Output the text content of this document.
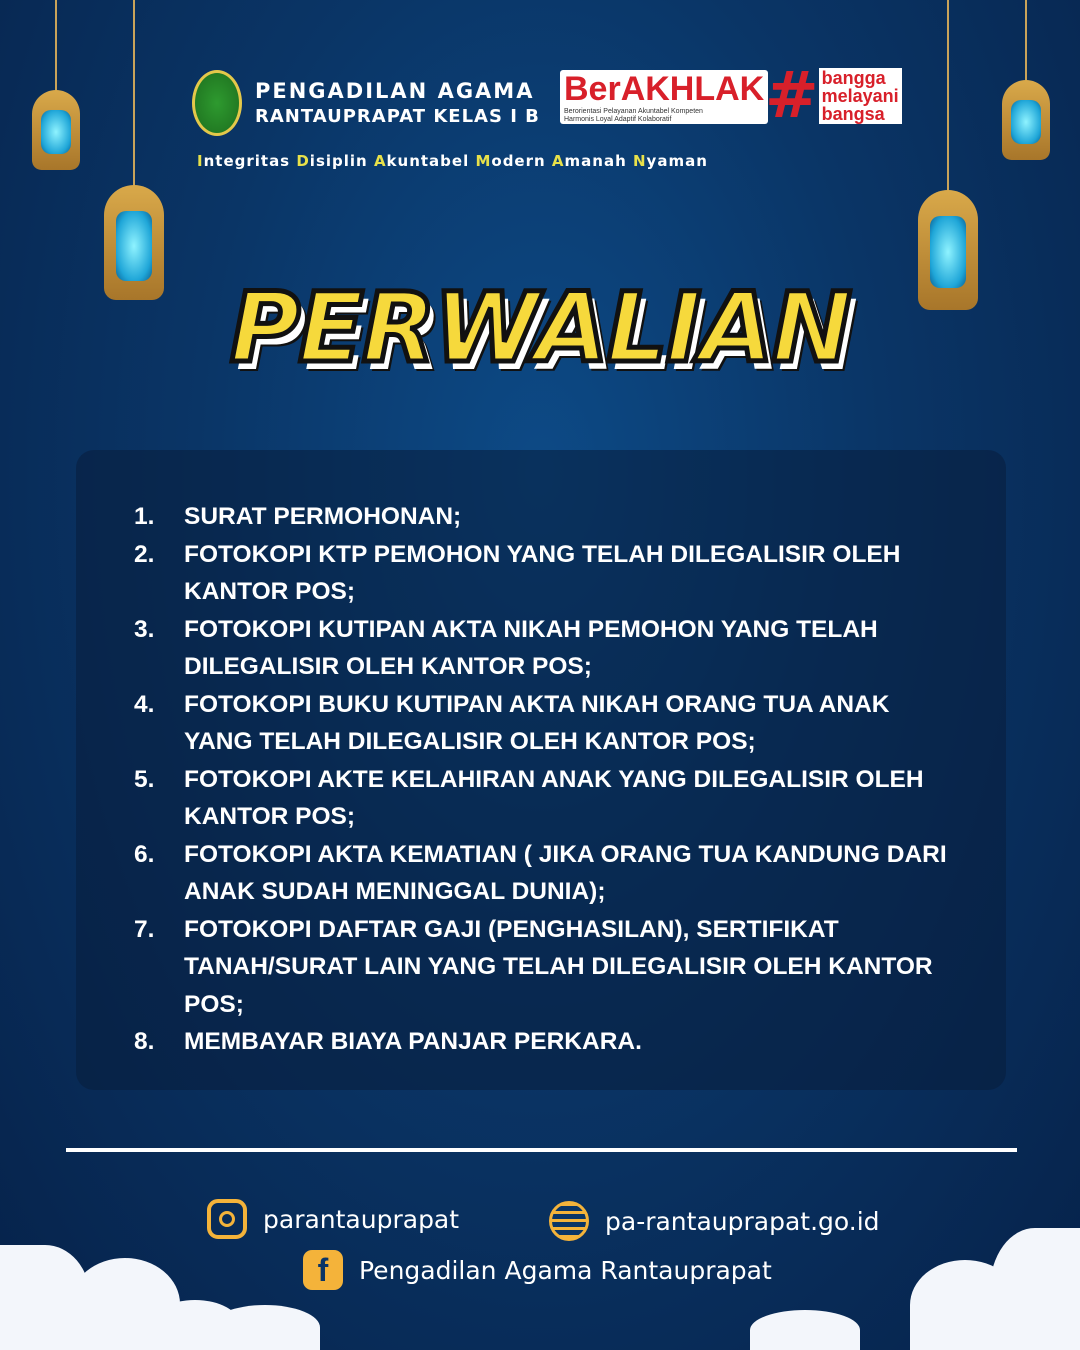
PENGADILAN AGAMA
RANTAUPRAPAT KELAS I B
BerAKHLAK
Berorientasi Pelayanan Akuntabel Kompeten
Harmonis Loyal Adaptif Kolaboratif	# bangga
melayani
bangsa
Integritas Disiplin Akuntabel Modern Amanah Nyaman
PERWALIAN
1.	SURAT PERMOHONAN;
2.	FOTOKOPI KTP PEMOHON YANG TELAH DILEGALISIR OLEH KANTOR POS;
3.	FOTOKOPI KUTIPAN AKTA NIKAH PEMOHON YANG TELAH DILEGALISIR OLEH KANTOR POS;
4.	FOTOKOPI BUKU KUTIPAN AKTA NIKAH ORANG TUA ANAK YANG TELAH DILEGALISIR OLEH KANTOR POS;
5.	FOTOKOPI AKTE KELAHIRAN ANAK YANG DILEGALISIR OLEH KANTOR POS;
6.	FOTOKOPI AKTA KEMATIAN ( JIKA ORANG TUA KANDUNG DARI ANAK SUDAH MENINGGAL DUNIA);
7.	FOTOKOPI DAFTAR GAJI (PENGHASILAN), SERTIFIKAT TANAH/SURAT LAIN YANG TELAH DILEGALISIR OLEH KANTOR POS;
8.	MEMBAYAR BIAYA PANJAR PERKARA.
parantauprapat	pa-rantauprapat.go.id
f	Pengadilan Agama Rantauprapat
